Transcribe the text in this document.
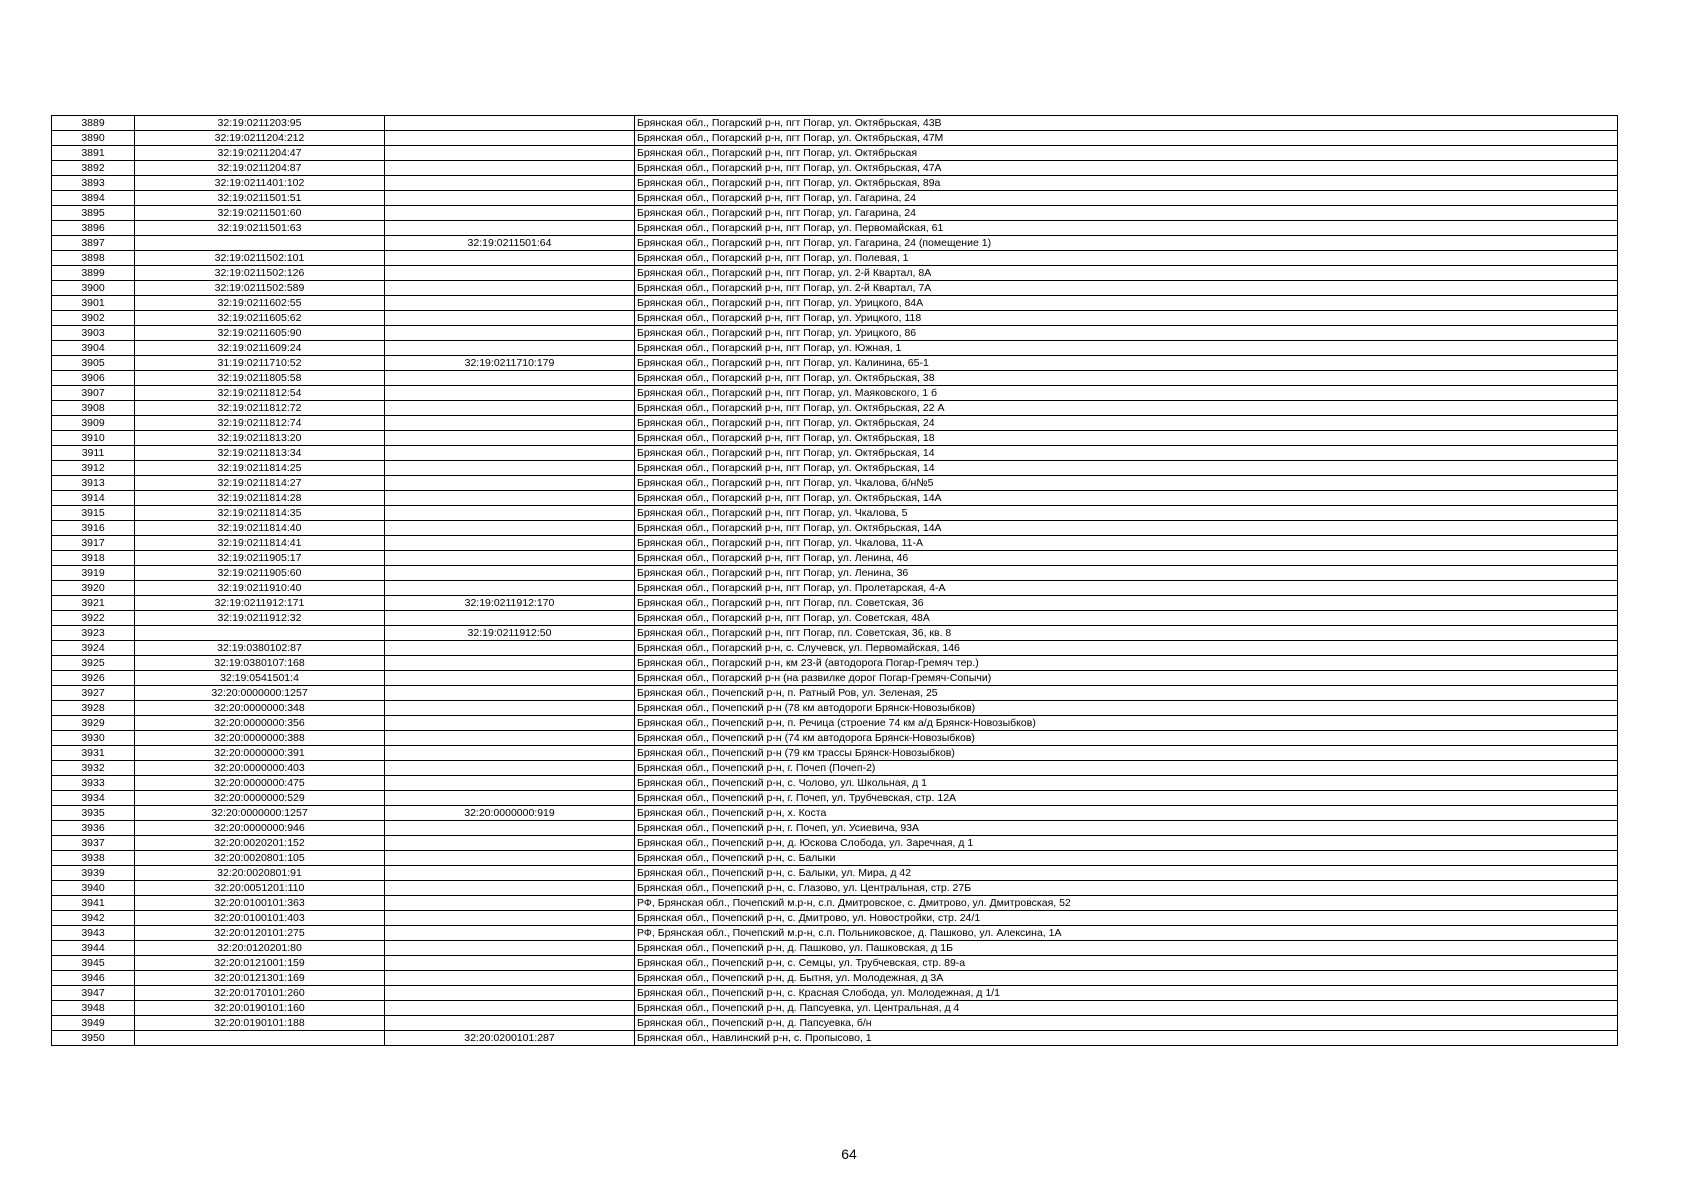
3889	32:19:0211203:95		Брянская обл., Погарский р-н, пгт Погар, ул. Октябрьская, 43В
3890	32:19:0211204:212		Брянская обл., Погарский р-н, пгт Погар, ул. Октябрьская, 47М
3891	32:19:0211204:47		Брянская обл., Погарский р-н, пгт Погар, ул. Октябрьская
3892	32:19:0211204:87		Брянская обл., Погарский р-н, пгт Погар, ул. Октябрьская, 47А
3893	32:19:0211401:102		Брянская обл., Погарский р-н, пгт Погар, ул. Октябрьская, 89а
3894	32:19:0211501:51		Брянская обл., Погарский р-н, пгт Погар, ул. Гагарина, 24
3895	32:19:0211501:60		Брянская обл., Погарский р-н, пгт Погар, ул. Гагарина, 24
3896	32:19:0211501:63		Брянская обл., Погарский р-н, пгт Погар, ул. Первомайская, 61
3897		32:19:0211501:64	Брянская обл., Погарский р-н, пгт Погар, ул. Гагарина, 24 (помещение 1)
3898	32:19:0211502:101		Брянская обл., Погарский р-н, пгт Погар, ул. Полевая, 1
3899	32:19:0211502:126		Брянская обл., Погарский р-н, пгт Погар, ул. 2-й Квартал, 8А
3900	32:19:0211502:589		Брянская обл., Погарский р-н, пгт Погар, ул. 2-й Квартал, 7А
3901	32:19:0211602:55		Брянская обл., Погарский р-н, пгт Погар, ул. Урицкого, 84А
3902	32:19:0211605:62		Брянская обл., Погарский р-н, пгт Погар, ул. Урицкого, 118
3903	32:19:0211605:90		Брянская обл., Погарский р-н, пгт Погар, ул. Урицкого, 86
3904	32:19:0211609:24		Брянская обл., Погарский р-н, пгт Погар, ул. Южная, 1
3905	31:19:0211710:52	32:19:0211710:179	Брянская обл., Погарский р-н, пгт Погар, ул. Калинина, 65-1
3906	32:19:0211805:58		Брянская обл., Погарский р-н, пгт Погар, ул. Октябрьская, 38
3907	32:19:0211812:54		Брянская обл., Погарский р-н, пгт Погар, ул. Маяковского, 1 б
3908	32:19:0211812:72		Брянская обл., Погарский р-н, пгт Погар, ул. Октябрьская, 22 А
3909	32:19:0211812:74		Брянская обл., Погарский р-н, пгт Погар, ул. Октябрьская, 24
3910	32:19:0211813:20		Брянская обл., Погарский р-н, пгт Погар, ул. Октябрьская, 18
3911	32:19:0211813:34		Брянская обл., Погарский р-н, пгт Погар, ул. Октябрьская, 14
3912	32:19:0211814:25		Брянская обл., Погарский р-н, пгт Погар, ул. Октябрьская, 14
3913	32:19:0211814:27		Брянская обл., Погарский р-н, пгт Погар, ул. Чкалова, б/н№5
3914	32:19:0211814:28		Брянская обл., Погарский р-н, пгт Погар, ул. Октябрьская, 14А
3915	32:19:0211814:35		Брянская обл., Погарский р-н, пгт Погар, ул. Чкалова, 5
3916	32:19:0211814:40		Брянская обл., Погарский р-н, пгт Погар, ул. Октябрьская, 14А
3917	32:19:0211814:41		Брянская обл., Погарский р-н, пгт Погар, ул. Чкалова, 11-А
3918	32:19:0211905:17		Брянская обл., Погарский р-н, пгт Погар, ул. Ленина, 46
3919	32:19:0211905:60		Брянская обл., Погарский р-н, пгт Погар, ул. Ленина, 36
3920	32:19:0211910:40		Брянская обл., Погарский р-н, пгт Погар, ул. Пролетарская, 4-А
3921	32:19:0211912:171	32:19:0211912:170	Брянская обл., Погарский р-н, пгт Погар, пл. Советская, 36
3922	32:19:0211912:32		Брянская обл., Погарский р-н, пгт Погар, ул. Советская, 48А
3923		32:19:0211912:50	Брянская обл., Погарский р-н, пгт Погар, пл. Советская, 36, кв. 8
3924	32:19:0380102:87		Брянская обл., Погарский р-н, с. Случевск, ул. Первомайская, 146
3925	32:19:0380107:168		Брянская обл., Погарский р-н, км 23-й (автодорога Погар-Гремяч тер.)
3926	32:19:0541501:4		Брянская обл., Погарский р-н (на развилке дорог Погар-Гремяч-Сопычи)
3927	32:20:0000000:1257		Брянская обл., Почепский р-н, п. Ратный Ров, ул. Зеленая, 25
3928	32:20:0000000:348		Брянская обл., Почепский р-н (78 км автодороги Брянск-Новозыбков)
3929	32:20:0000000:356		Брянская обл., Почепский р-н, п. Речица (строение 74 км а/д Брянск-Новозыбков)
3930	32:20:0000000:388		Брянская обл., Почепский р-н (74 км автодорога Брянск-Новозыбков)
3931	32:20:0000000:391		Брянская обл., Почепский р-н (79 км трассы Брянск-Новозыбков)
3932	32:20:0000000:403		Брянская обл., Почепский р-н, г. Почеп (Почеп-2)
3933	32:20:0000000:475		Брянская обл., Почепский р-н, с. Чолово, ул. Школьная, д 1
3934	32:20:0000000:529		Брянская обл., Почепский р-н, г. Почеп, ул. Трубчевская, стр. 12А
3935	32:20:0000000:1257	32:20:0000000:919	Брянская обл., Почепский р-н, х. Коста
3936	32:20:0000000:946		Брянская обл., Почепский р-н, г. Почеп, ул. Усиевича, 93А
3937	32:20:0020201:152		Брянская обл., Почепский р-н, д. Юскова Слобода, ул. Заречная, д 1
3938	32:20:0020801:105		Брянская обл., Почепский р-н, с. Балыки
3939	32:20:0020801:91		Брянская обл., Почепский р-н, с. Балыки, ул. Мира, д 42
3940	32:20:0051201:110		Брянская обл., Почепский р-н, с. Глазово, ул. Центральная, стр. 27Б
3941	32:20:0100101:363		РФ, Брянская обл., Почепский м.р-н, с.п. Дмитровское, с. Дмитрово, ул. Дмитровская, 52
3942	32:20:0100101:403		Брянская обл., Почепский р-н, с. Дмитрово, ул. Новостройки, стр. 24/1
3943	32:20:0120101:275		РФ, Брянская обл., Почепский м.р-н, с.п. Польниковское, д. Пашково, ул. Алексина, 1А
3944	32:20:0120201:80		Брянская обл., Почепский р-н, д. Пашково, ул. Пашковская, д 1Б
3945	32:20:0121001:159		Брянская обл., Почепский р-н, с. Семцы, ул. Трубчевская, стр. 89-а
3946	32:20:0121301:169		Брянская обл., Почепский р-н, д. Бытня, ул. Молодежная, д 3А
3947	32:20:0170101:260		Брянская обл., Почепский р-н, с. Красная Слобода, ул. Молодежная, д 1/1
3948	32:20:0190101:160		Брянская обл., Почепский р-н, д. Папсуевка, ул. Центральная, д 4
3949	32:20:0190101:188		Брянская обл., Почепский р-н, д. Папсуевка, б/н
3950		32:20:0200101:287	Брянская обл., Навлинский р-н, с. Пропысово, 1
64
